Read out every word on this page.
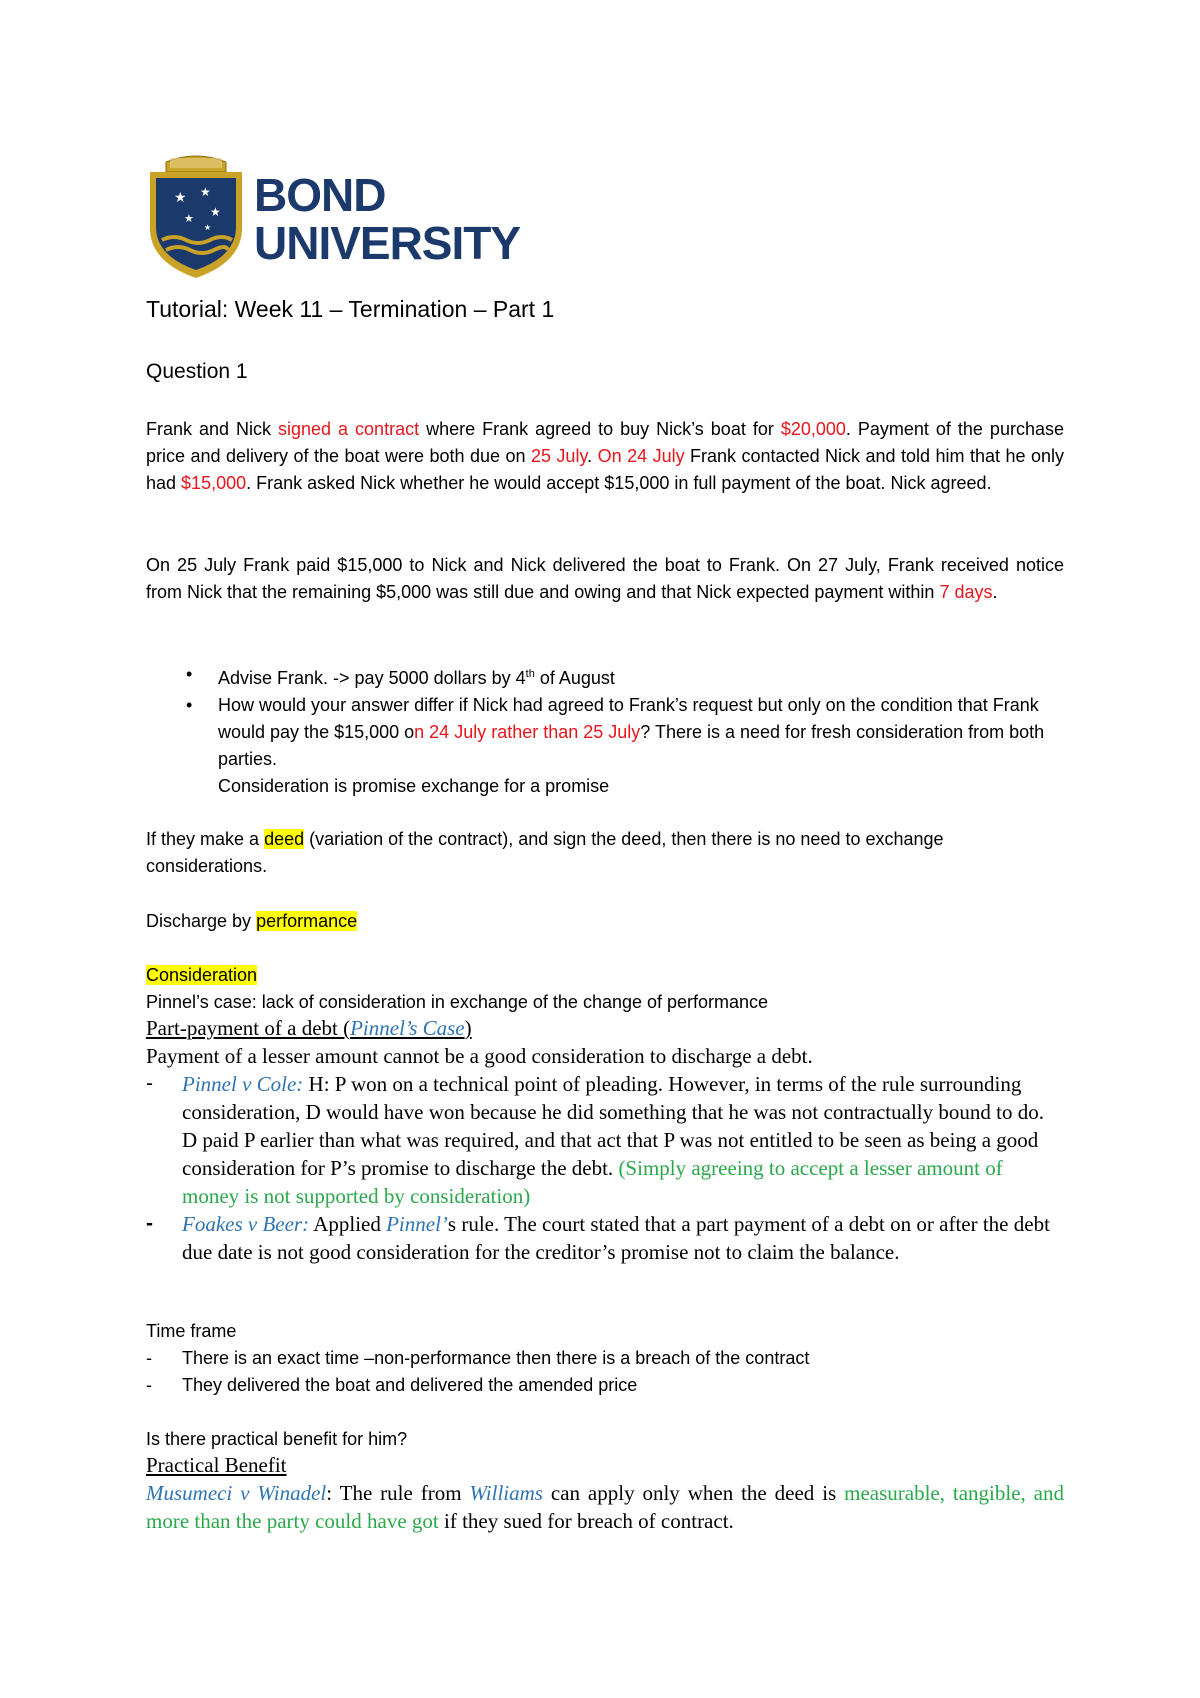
★ ★
★
★
★
BOND
UNIVERSITY
Tutorial: Week 11 – Termination – Part 1
Question 1
Frank and Nick signed a contract where Frank agreed to buy Nick’s boat for $20,000. Payment of the purchase price and delivery of the boat were both due on 25 July. On 24 July Frank contacted Nick and told him that he only had $15,000. Frank asked Nick whether he would accept $15,000 in full payment of the boat. Nick agreed.
On 25 July Frank paid $15,000 to Nick and Nick delivered the boat to Frank. On 27 July, Frank received notice from Nick that the remaining $5,000 was still due and owing and that Nick expected payment within 7 days.
• Advise Frank. -> pay 5000 dollars by 4th of August
• How would your answer differ if Nick had agreed to Frank’s request but only on the condition that Frank would pay the $15,000 on 24 July rather than 25 July? There is a need for fresh consideration from both parties.
Consideration is promise exchange for a promise
If they make a deed (variation of the contract), and sign the deed, then there is no need to exchange considerations.
Discharge by performance
Consideration
Pinnel’s case: lack of consideration in exchange of the change of performance
Part-payment of a debt (Pinnel’s Case)
Payment of a lesser amount cannot be a good consideration to discharge a debt.
- Pinnel v Cole: H: P won on a technical point of pleading. However, in terms of the rule surrounding consideration, D would have won because he did something that he was not contractually bound to do. D paid P earlier than what was required, and that act that P was not entitled to be seen as being a good consideration for P’s promise to discharge the debt. (Simply agreeing to accept a lesser amount of money is not supported by consideration)
- Foakes v Beer: Applied Pinnel’s rule. The court stated that a part payment of a debt on or after the debt due date is not good consideration for the creditor’s promise not to claim the balance.
Time frame
- There is an exact time –non-performance then there is a breach of the contract
- They delivered the boat and delivered the amended price
Is there practical benefit for him?
Practical Benefit
Musumeci v Winadel: The rule from Williams can apply only when the deed is measurable, tangible, and more than the party could have got if they sued for breach of contract.
